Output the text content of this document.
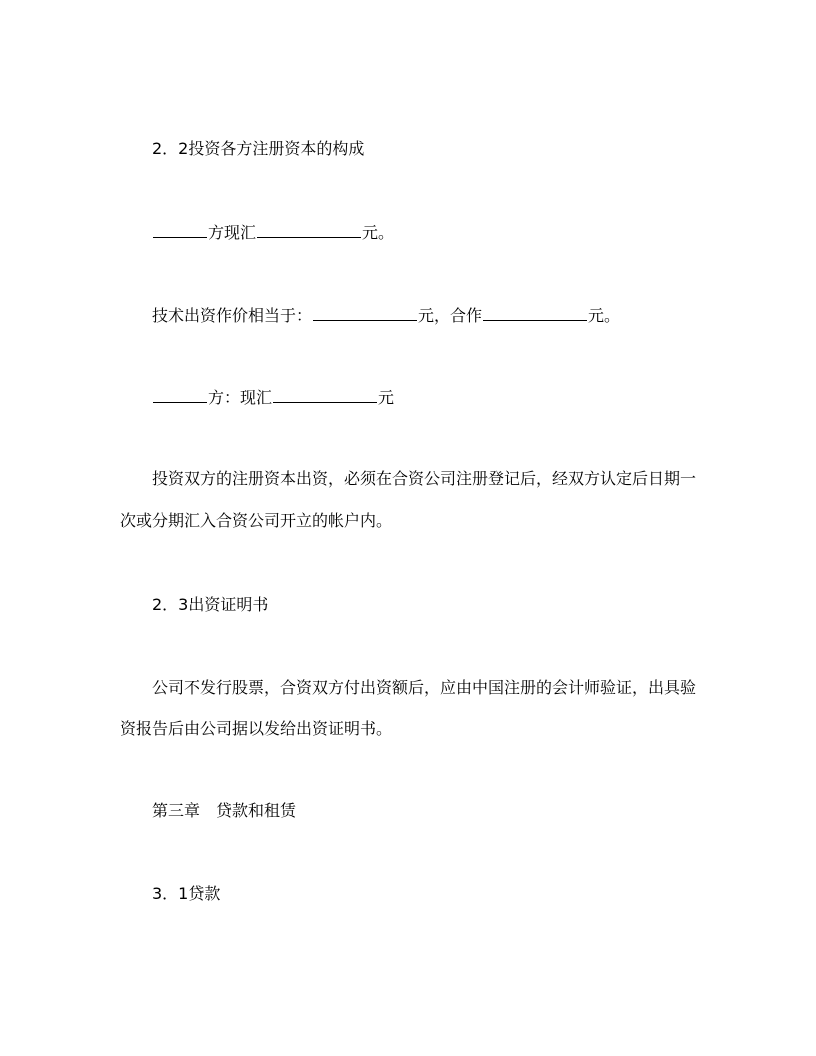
2．2投资各方注册资本的构成
方现汇	元。
技术出资作价相当于：	元，合作	元。
方：现汇	元
投资双方的注册资本出资，必须在合资公司注册登记后，经双方认定后日期一
次或分期汇入合资公司开立的帐户内。
2．3出资证明书
公司不发行股票，合资双方付出资额后，应由中国注册的会计师验证，出具验
资报告后由公司据以发给出资证明书。
第三章　贷款和租赁
3．1贷款
